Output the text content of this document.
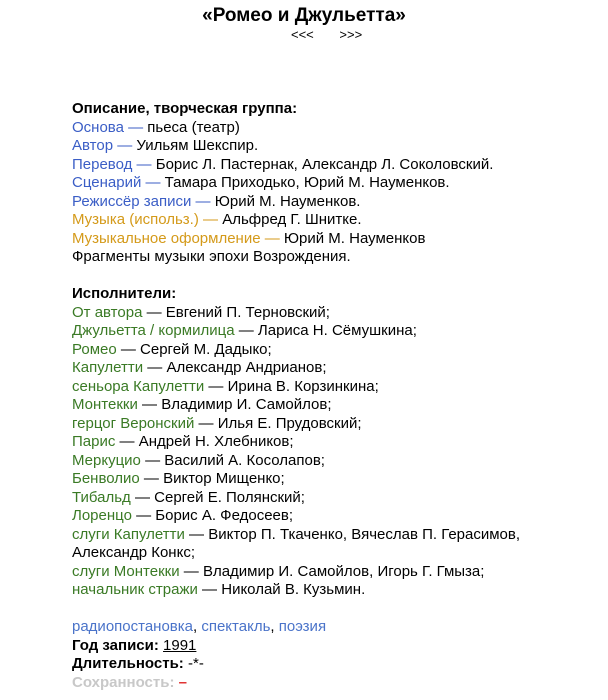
«Ромео и Джульетта»
<<< >>>
Описание, творческая группа:
Основа — пьеса (театр)
Автор — Уильям Шекспир.
Перевод — Борис Л. Пастернак, Александр Л. Соколовский.
Сценарий — Тамара Приходько, Юрий М. Науменков.
Режиссёр записи — Юрий М. Науменков.
Музыка (использ.) — Альфред Г. Шнитке.
Музыкальное оформление — Юрий М. Науменков
Фрагменты музыки эпохи Возрождения.
Исполнители:
От автора — Евгений П. Терновский;
Джульетта / кормилица — Лариса Н. Сёмушкина;
Ромео — Сергей М. Дадыко;
Капулетти — Александр Андрианов;
сеньора Капулетти — Ирина В. Корзинкина;
Монтекки — Владимир И. Самойлов;
герцог Веронский — Илья Е. Прудовский;
Парис — Андрей Н. Хлебников;
Меркуцио — Василий А. Косолапов;
Бенволио — Виктор Мищенко;
Тибальд — Сергей Е. Полянский;
Лоренцо — Борис А. Федосеев;
слуги Капулетти — Виктор П. Ткаченко, Вячеслав П. Герасимов, Александр Конкс;
слуги Монтекки — Владимир И. Самойлов, Игорь Г. Гмыза;
начальник стражи — Николай В. Кузьмин.
радиопостановка, спектакль, поэзия
Год записи: 1991
Длительность: -*-
Сохранность: –
